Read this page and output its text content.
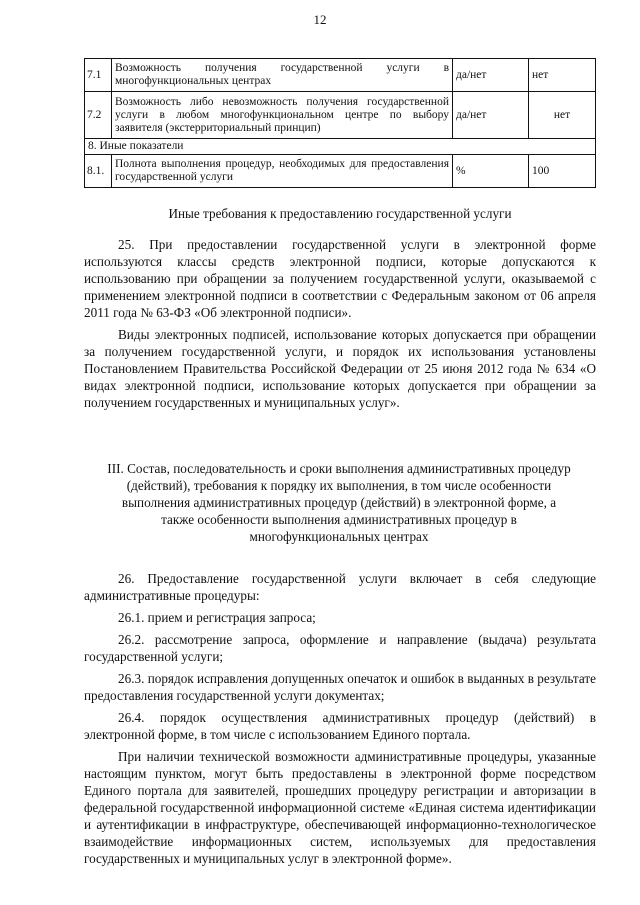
12
7.1	Возможность получения государственной услуги в многофункциональных центрах	да/нет	нет
7.2	Возможность либо невозможность получения государственной услуги в любом многофункциональном центре по выбору заявителя (экстерриториальный принцип)	да/нет	нет
8. Иные показатели			
8.1.	Полнота выполнения процедур, необходимых для предоставления государственной услуги	%	100
Иные требования к предоставлению государственной услуги

25. При предоставлении государственной услуги в электронной форме используются классы средств электронной подписи, которые допускаются к использованию при обращении за получением государственной услуги, оказываемой с применением электронной подписи в соответствии с Федеральным законом от 06 апреля 2011 года № 63-ФЗ «Об электронной подписи».

Виды электронных подписей, использование которых допускается при обращении за получением государственной услуги, и порядок их использования установлены Постановлением Правительства Российской Федерации от 25 июня 2012 года № 634 «О видах электронной подписи, использование которых допускается при обращении за получением государственных и муниципальных услуг».

III. Состав, последовательность и сроки выполнения административных процедур (действий), требования к порядку их выполнения, в том числе особенности выполнения административных процедур (действий) в электронной форме, а также особенности выполнения административных процедур в многофункциональных центрах

26. Предоставление государственной услуги включает в себя следующие административные процедуры:

26.1. прием и регистрация запроса;

26.2. рассмотрение запроса, оформление и направление (выдача) результата государственной услуги;

26.3. порядок исправления допущенных опечаток и ошибок в выданных в результате предоставления государственной услуги документах;

26.4. порядок осуществления административных процедур (действий) в электронной форме, в том числе с использованием Единого портала.

При наличии технической возможности административные процедуры, указанные настоящим пунктом, могут быть предоставлены в электронной форме посредством Единого портала для заявителей, прошедших процедуру регистрации и авторизации в федеральной государственной информационной системе «Единая система идентификации и аутентификации в инфраструктуре, обеспечивающей информационно-технологическое взаимодействие информационных систем, используемых для предоставления государственных и муниципальных услуг в электронной форме».
